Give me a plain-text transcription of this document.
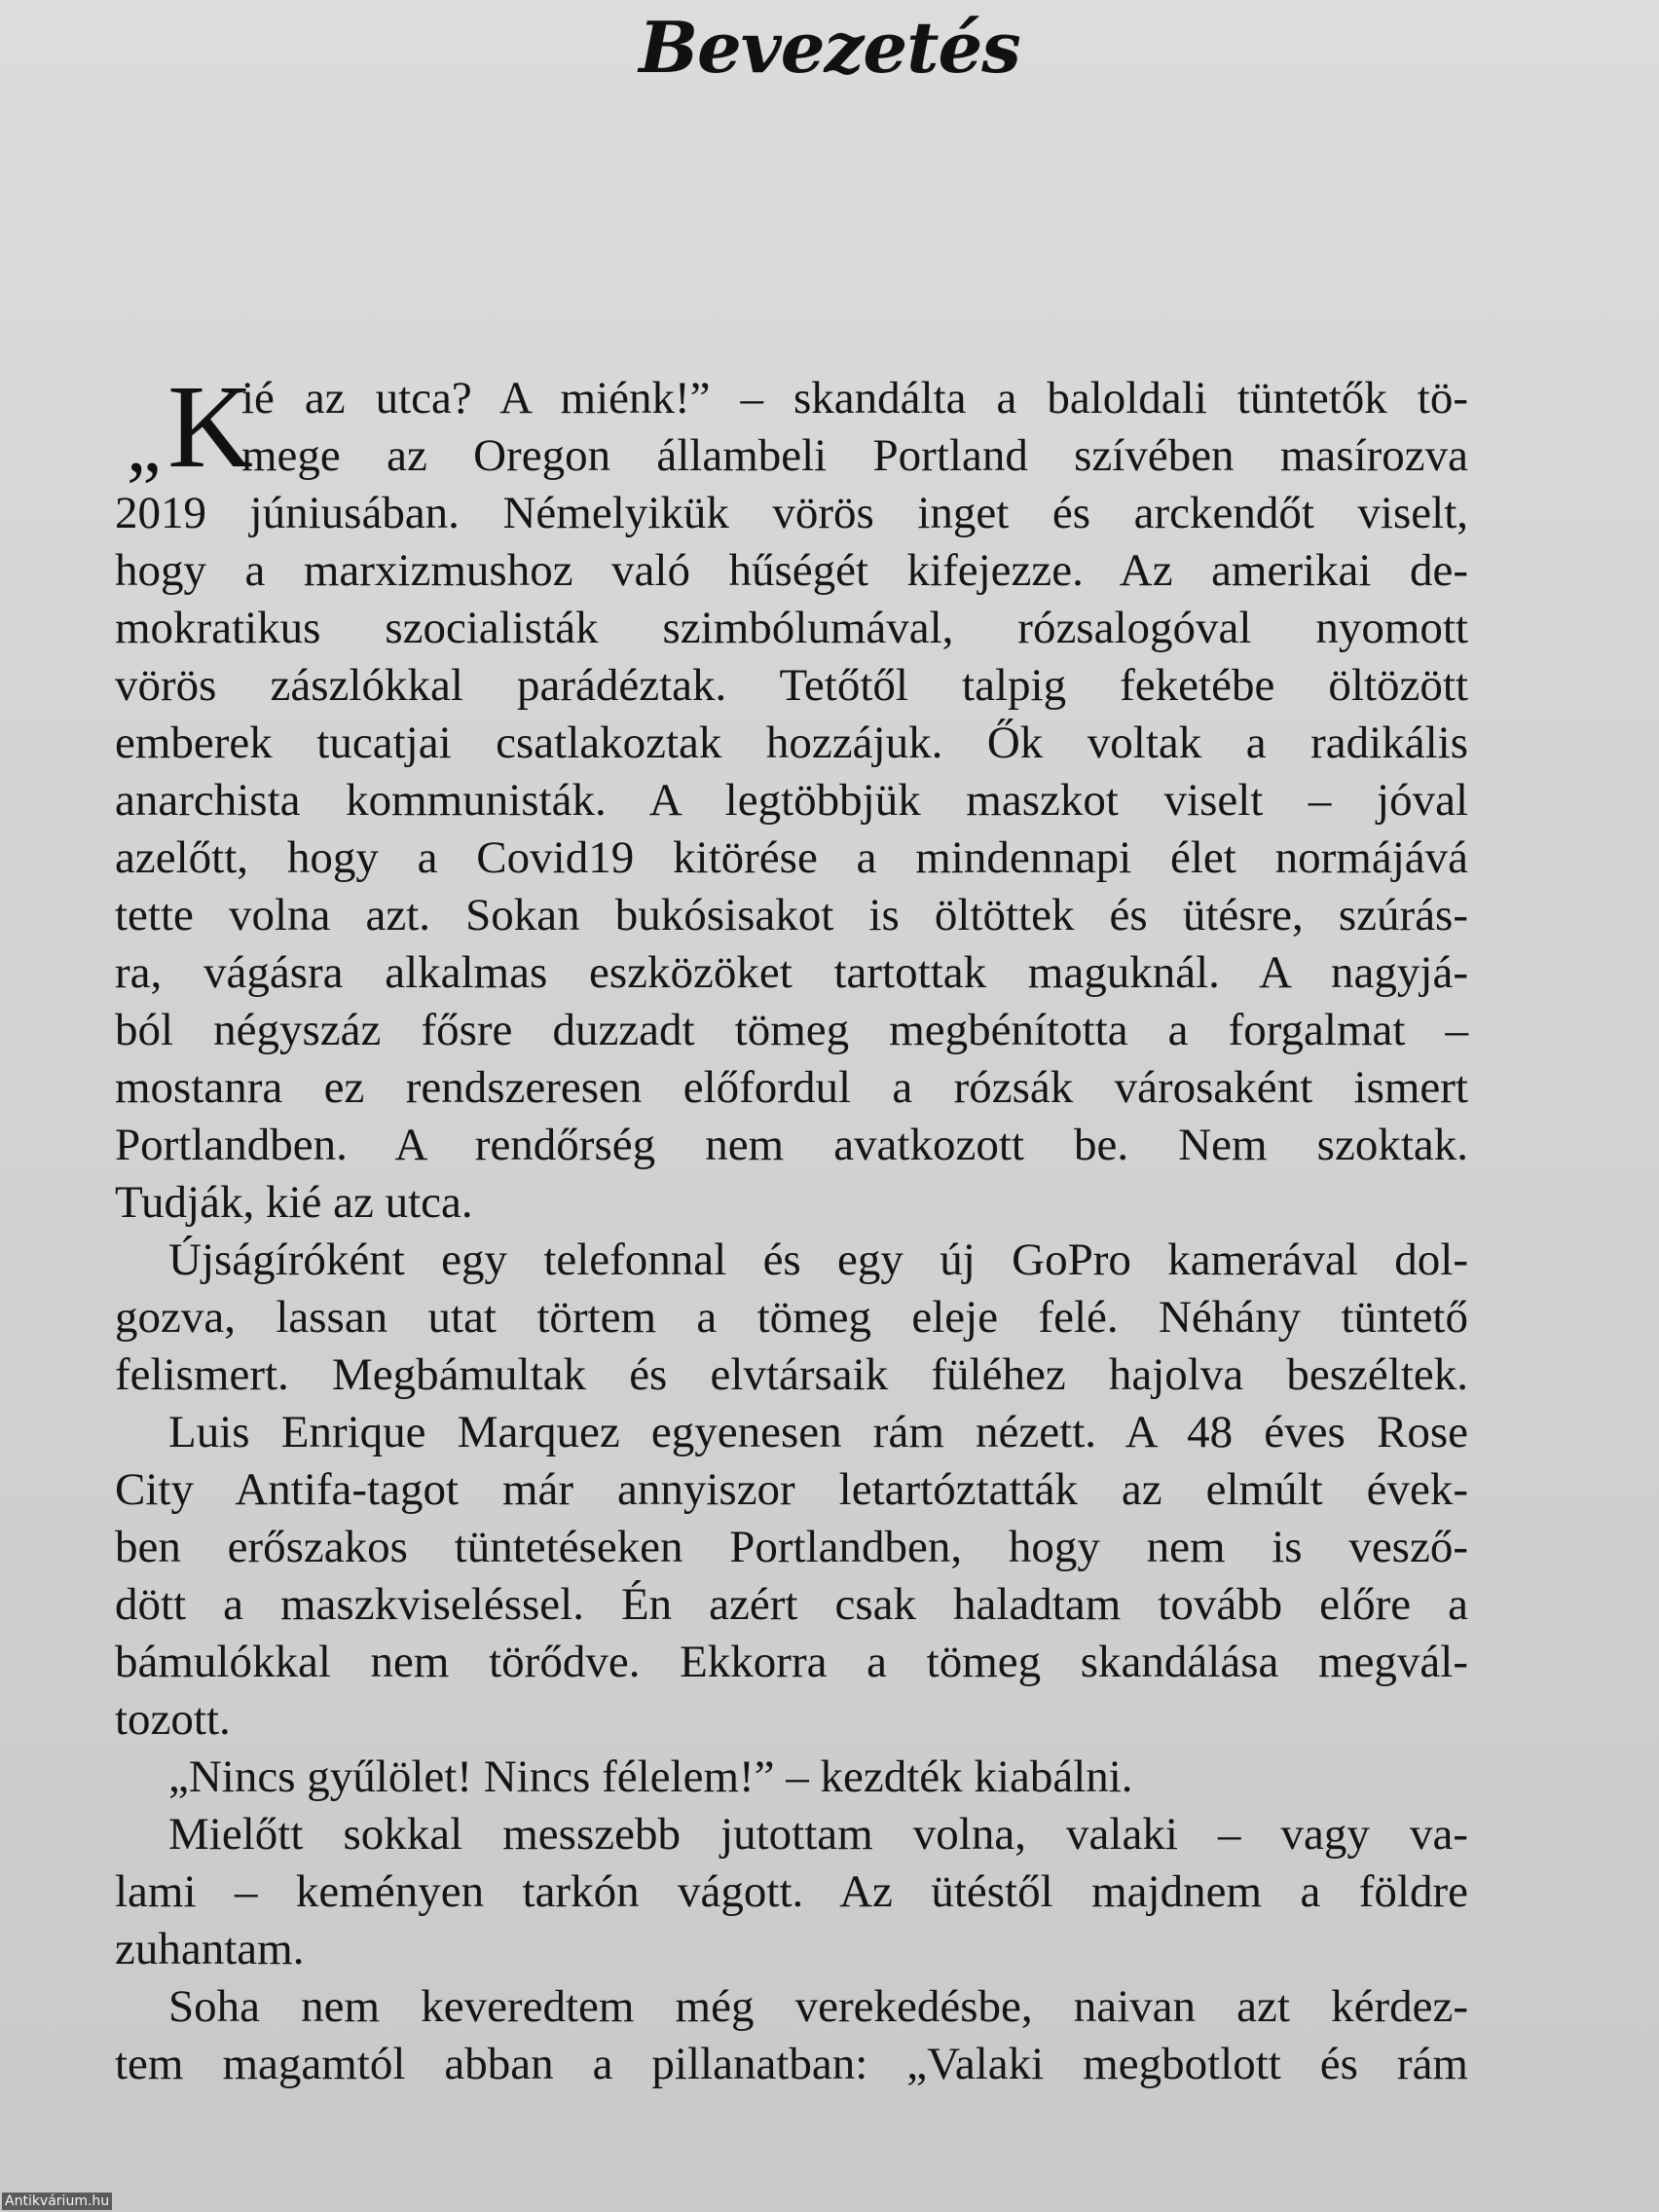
Bevezetés
„ K
ié az utca? A miénk!” – skandálta a baloldali tüntetők tö-
mege az Oregon állambeli Portland szívében masírozva
2019 júniusában. Némelyikük vörös inget és arckendőt viselt,
hogy a marxizmushoz való hűségét kifejezze. Az amerikai de-
mokratikus szocialisták szimbólumával, rózsalogóval nyomott
vörös zászlókkal parádéztak. Tetőtől talpig feketébe öltözött
emberek tucatjai csatlakoztak hozzájuk. Ők voltak a radikális
anarchista kommunisták. A legtöbbjük maszkot viselt – jóval
azelőtt, hogy a Covid19 kitörése a mindennapi élet normájává
tette volna azt. Sokan bukósisakot is öltöttek és ütésre, szúrás-
ra, vágásra alkalmas eszközöket tartottak maguknál. A nagyjá-
ból négyszáz fősre duzzadt tömeg megbénította a forgalmat –
mostanra ez rendszeresen előfordul a rózsák városaként ismert
Portlandben. A rendőrség nem avatkozott be. Nem szoktak.
Tudják, kié az utca.
Újságíróként egy telefonnal és egy új GoPro kamerával dol-
gozva, lassan utat törtem a tömeg eleje felé. Néhány tüntető
felismert. Megbámultak és elvtársaik füléhez hajolva beszéltek.
Luis Enrique Marquez egyenesen rám nézett. A 48 éves Rose
City Antifa-tagot már annyiszor letartóztatták az elmúlt évek-
ben erőszakos tüntetéseken Portlandben, hogy nem is vesző-
dött a maszkviseléssel. Én azért csak haladtam tovább előre a
bámulókkal nem törődve. Ekkorra a tömeg skandálása megvál-
tozott.
„Nincs gyűlölet! Nincs félelem!” – kezdték kiabálni.
Mielőtt sokkal messzebb jutottam volna, valaki – vagy va-
lami – keményen tarkón vágott. Az ütéstől majdnem a földre
zuhantam.
Soha nem keveredtem még verekedésbe, naivan azt kérdez-
tem magamtól abban a pillanatban: „Valaki megbotlott és rám
Antikvárium.hu
